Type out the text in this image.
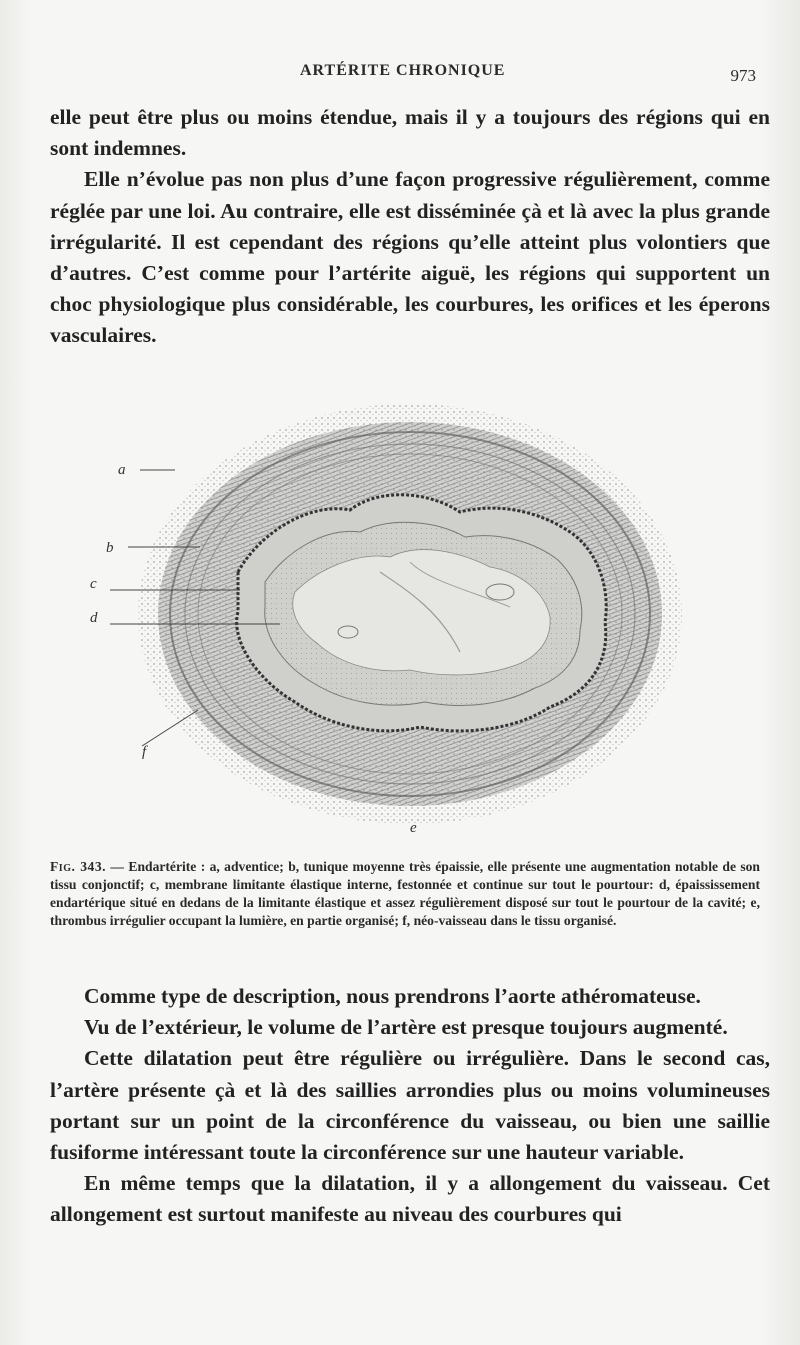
ARTÉRITE CHRONIQUE	973

elle peut être plus ou moins étendue, mais il y a toujours des régions qui en sont indemnes.

Elle n’évolue pas non plus d’une façon progressive régulièrement, comme réglée par une loi. Au contraire, elle est disséminée çà et là avec la plus grande irrégularité. Il est cependant des régions qu’elle atteint plus volontiers que d’autres. C’est comme pour l’artérite aiguë, les régions qui supportent un choc physiologique plus considérable, les courbures, les orifices et les éperons vasculaires.

a
b
c
d
e
f
Fig. 343. — Endartérite : a, adventice; b, tunique moyenne très épaissie, elle présente une augmentation notable de son tissu conjonctif; c, membrane limitante élastique interne, festonnée et continue sur tout le pourtour: d, épaississement endartérique situé en dedans de la limitante élastique et assez régulièrement disposé sur tout le pourtour de la cavité; e, thrombus irrégulier occupant la lumière, en partie organisé; f, néo-vaisseau dans le tissu organisé.

Comme type de description, nous prendrons l’aorte athéromateuse.

Vu de l’extérieur, le volume de l’artère est presque toujours augmenté.

Cette dilatation peut être régulière ou irrégulière. Dans le second cas, l’artère présente çà et là des saillies arrondies plus ou moins volumineuses portant sur un point de la circonférence du vaisseau, ou bien une saillie fusiforme intéressant toute la circonférence sur une hauteur variable.

En même temps que la dilatation, il y a allongement du vaisseau. Cet allongement est surtout manifeste au niveau des courbures qui
